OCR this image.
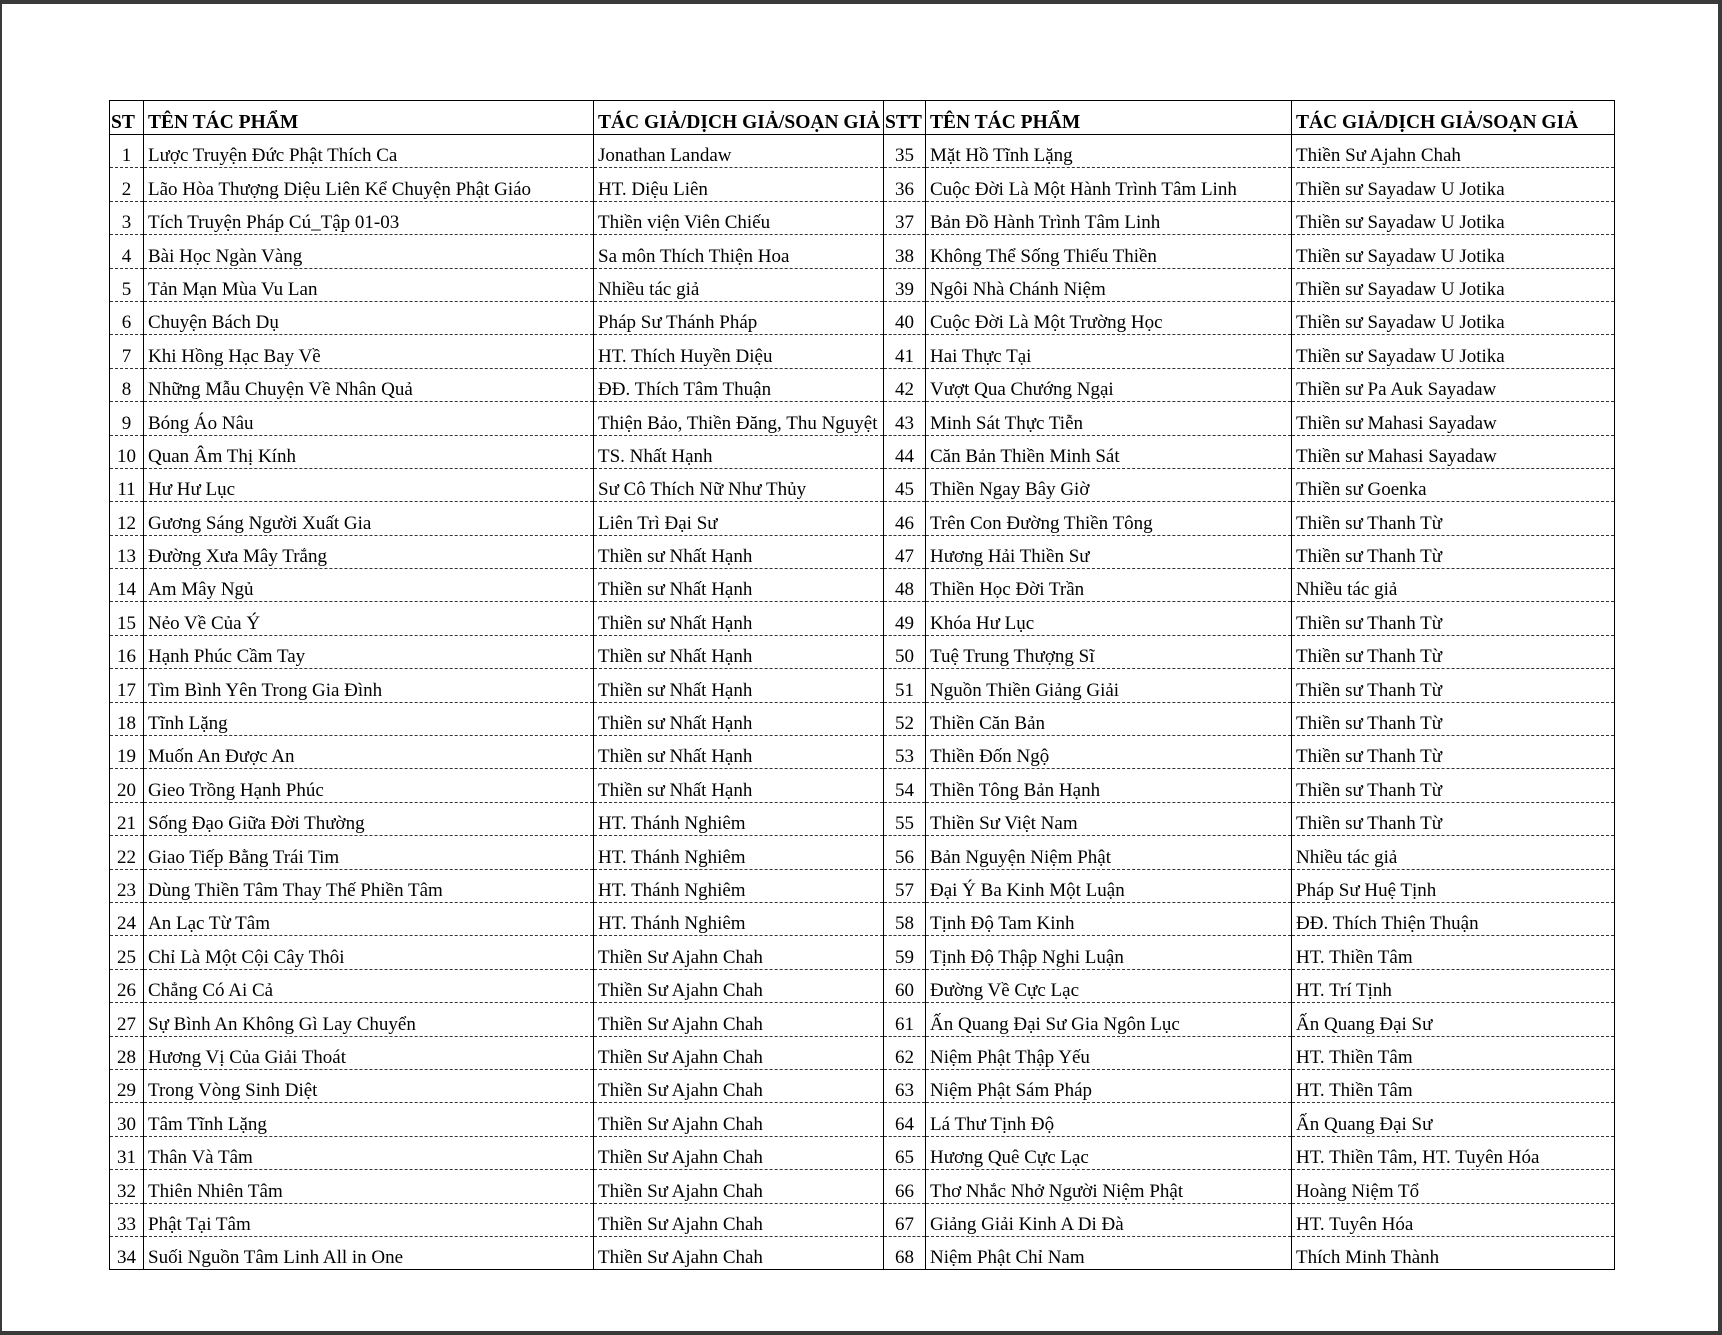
ST	TÊN TÁC PHẨM	TÁC GIẢ/DỊCH GIẢ/SOẠN GIẢ	STT	TÊN TÁC PHẨM	TÁC GIẢ/DỊCH GIẢ/SOẠN GIẢ
1	Lược Truyện Đức Phật Thích Ca	Jonathan Landaw	35	Mặt Hồ Tĩnh Lặng	Thiền Sư Ajahn Chah
2	Lão Hòa Thượng Diệu Liên Kể Chuyện Phật Giáo	HT. Diệu Liên	36	Cuộc Đời Là Một Hành Trình Tâm Linh	Thiền sư Sayadaw U Jotika
3	Tích Truyện Pháp Cú_Tập 01-03	Thiền viện Viên Chiếu	37	Bản Đồ Hành Trình Tâm Linh	Thiền sư Sayadaw U Jotika
4	Bài Học Ngàn Vàng	Sa môn Thích Thiện Hoa	38	Không Thể Sống Thiếu Thiền	Thiền sư Sayadaw U Jotika
5	Tản Mạn Mùa Vu Lan	Nhiều tác giả	39	Ngôi Nhà Chánh Niệm	Thiền sư Sayadaw U Jotika
6	Chuyện Bách Dụ	Pháp Sư Thánh Pháp	40	Cuộc Đời Là Một Trường Học	Thiền sư Sayadaw U Jotika
7	Khi Hồng Hạc Bay Về	HT. Thích Huyền Diệu	41	Hai Thực Tại	Thiền sư Sayadaw U Jotika
8	Những Mẫu Chuyện Về Nhân Quả	ĐĐ. Thích Tâm Thuận	42	Vượt Qua Chướng Ngại	Thiền sư Pa Auk Sayadaw
9	Bóng Áo Nâu	Thiện Bảo, Thiền Đăng, Thu Nguyệt	43	Minh Sát Thực Tiễn	Thiền sư Mahasi Sayadaw
10	Quan Âm Thị Kính	TS. Nhất Hạnh	44	Căn Bản Thiền Minh Sát	Thiền sư Mahasi Sayadaw
11	Hư Hư Lục	Sư Cô Thích Nữ Như Thủy	45	Thiền Ngay Bây Giờ	Thiền sư Goenka
12	Gương Sáng Người Xuất Gia	Liên Trì Đại Sư	46	Trên Con Đường Thiền Tông	Thiền sư Thanh Từ
13	Đường Xưa Mây Trắng	Thiền sư Nhất Hạnh	47	Hương Hải Thiền Sư	Thiền sư Thanh Từ
14	Am Mây Ngủ	Thiền sư Nhất Hạnh	48	Thiền Học Đời Trần	Nhiều tác giả
15	Nẻo Về Của Ý	Thiền sư Nhất Hạnh	49	Khóa Hư Lục	Thiền sư Thanh Từ
16	Hạnh Phúc Cầm Tay	Thiền sư Nhất Hạnh	50	Tuệ Trung Thượng Sĩ	Thiền sư Thanh Từ
17	Tìm Bình Yên Trong Gia Đình	Thiền sư Nhất Hạnh	51	Nguồn Thiền Giảng Giải	Thiền sư Thanh Từ
18	Tĩnh Lặng	Thiền sư Nhất Hạnh	52	Thiền Căn Bản	Thiền sư Thanh Từ
19	Muốn An Được An	Thiền sư Nhất Hạnh	53	Thiền Đốn Ngộ	Thiền sư Thanh Từ
20	Gieo Trồng Hạnh Phúc	Thiền sư Nhất Hạnh	54	Thiền Tông Bản Hạnh	Thiền sư Thanh Từ
21	Sống Đạo Giữa Đời Thường	HT. Thánh Nghiêm	55	Thiền Sư Việt Nam	Thiền sư Thanh Từ
22	Giao Tiếp Bằng Trái Tim	HT. Thánh Nghiêm	56	Bản Nguyện Niệm Phật	Nhiều tác giả
23	Dùng Thiền Tâm Thay Thế Phiền Tâm	HT. Thánh Nghiêm	57	Đại Ý Ba Kinh Một Luận	Pháp Sư Huệ Tịnh
24	An Lạc Từ Tâm	HT. Thánh Nghiêm	58	Tịnh Độ Tam Kinh	ĐĐ. Thích Thiện Thuận
25	Chỉ Là Một Cội Cây Thôi	Thiền Sư Ajahn Chah	59	Tịnh Độ Thập Nghi Luận	HT. Thiền Tâm
26	Chẳng Có Ai Cả	Thiền Sư Ajahn Chah	60	Đường Về Cực Lạc	HT. Trí Tịnh
27	Sự Bình An Không Gì Lay Chuyển	Thiền Sư Ajahn Chah	61	Ấn Quang Đại Sư Gia Ngôn Lục	Ấn Quang Đại Sư
28	Hương Vị Của Giải Thoát	Thiền Sư Ajahn Chah	62	Niệm Phật Thập Yếu	HT. Thiền Tâm
29	Trong Vòng Sinh Diệt	Thiền Sư Ajahn Chah	63	Niệm Phật Sám Pháp	HT. Thiền Tâm
30	Tâm Tĩnh Lặng	Thiền Sư Ajahn Chah	64	Lá Thư Tịnh Độ	Ấn Quang Đại Sư
31	Thân Và Tâm	Thiền Sư Ajahn Chah	65	Hương Quê Cực Lạc	HT. Thiền Tâm, HT. Tuyên Hóa
32	Thiên Nhiên Tâm	Thiền Sư Ajahn Chah	66	Thơ Nhắc Nhở Người Niệm Phật	Hoàng Niệm Tổ
33	Phật Tại Tâm	Thiền Sư Ajahn Chah	67	Giảng Giải Kinh A Di Đà	HT. Tuyên Hóa
34	Suối Nguồn Tâm Linh All in One	Thiền Sư Ajahn Chah	68	Niệm Phật Chỉ Nam	Thích Minh Thành
